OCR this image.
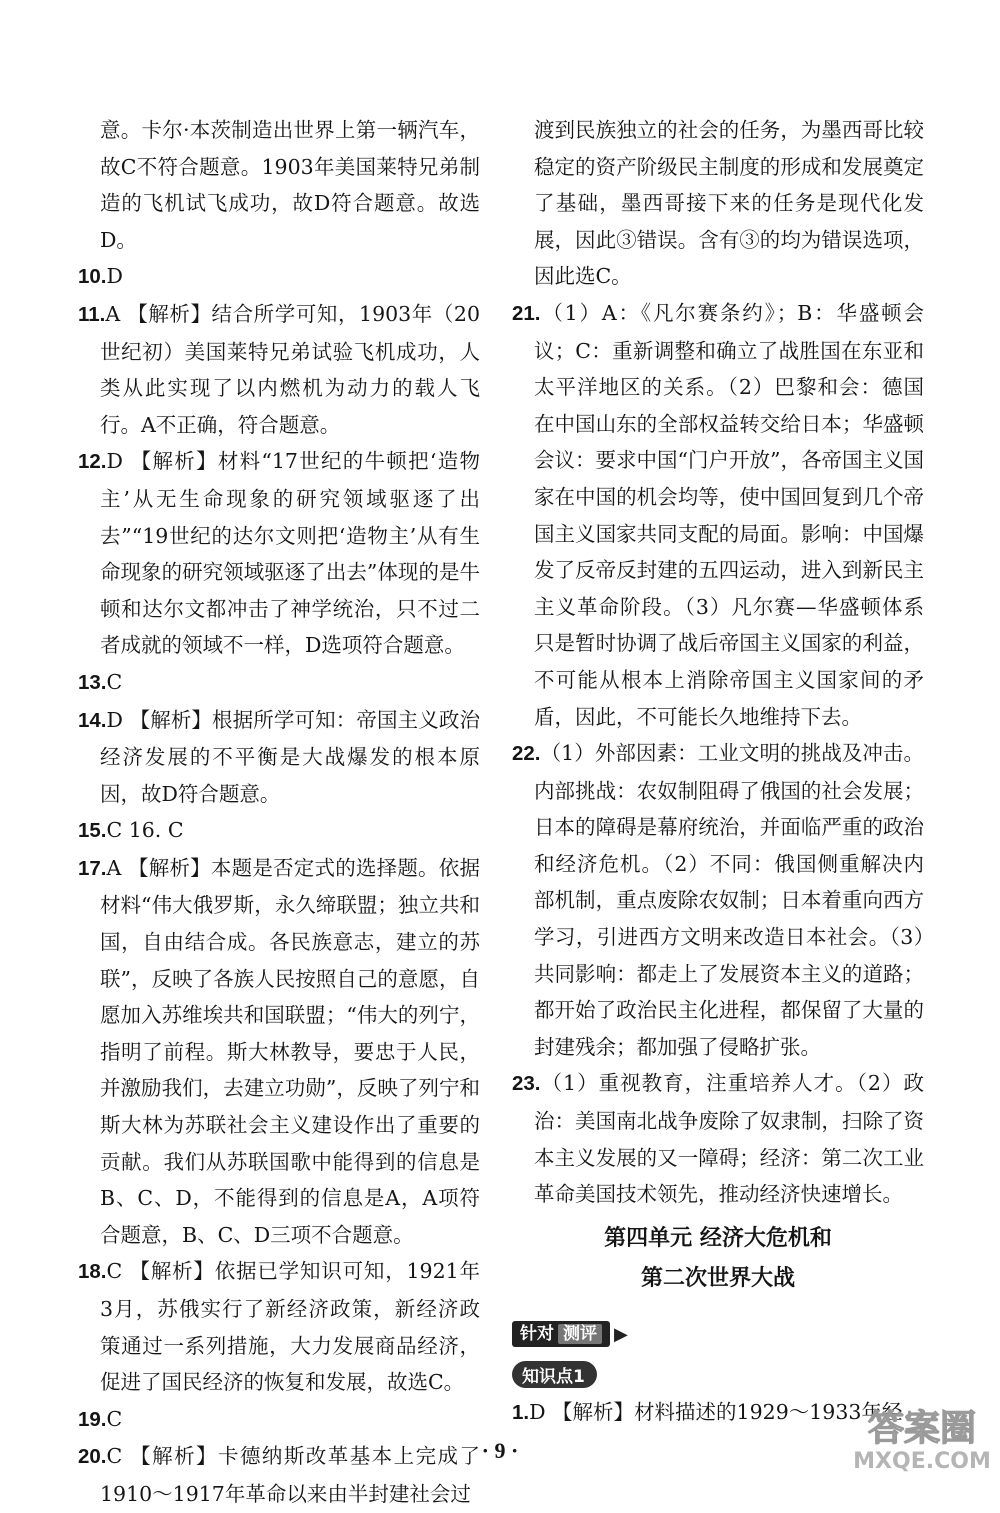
意。卡尔·本茨制造出世界上第一辆汽车，故C不符合题意。1903年美国莱特兄弟制造的飞机试飞成功，故D符合题意。故选D。

10.D

11.A 【解析】结合所学可知，1903年（20世纪初）美国莱特兄弟试验飞机成功，人类从此实现了以内燃机为动力的载人飞行。A不正确，符合题意。

12.D 【解析】材料“17世纪的牛顿把‘造物主’从无生命现象的研究领域驱逐了出去”“19世纪的达尔文则把‘造物主’从有生命现象的研究领域驱逐了出去”体现的是牛顿和达尔文都冲击了神学统治，只不过二者成就的领域不一样，D选项符合题意。

13.C

14.D 【解析】根据所学可知：帝国主义政治经济发展的不平衡是大战爆发的根本原因，故D符合题意。

15.C 16. C

17.A 【解析】本题是否定式的选择题。依据材料“伟大俄罗斯，永久缔联盟；独立共和国，自由结合成。各民族意志，建立的苏联”，反映了各族人民按照自己的意愿，自愿加入苏维埃共和国联盟；“伟大的列宁，指明了前程。斯大林教导，要忠于人民，并激励我们，去建立功勋”，反映了列宁和斯大林为苏联社会主义建设作出了重要的贡献。我们从苏联国歌中能得到的信息是B、C、D，不能得到的信息是A，A项符合题意，B、C、D三项不合题意。

18.C 【解析】依据已学知识可知，1921年3月，苏俄实行了新经济政策，新经济政策通过一系列措施，大力发展商品经济，促进了国民经济的恢复和发展，故选C。

19.C

20.C 【解析】卡德纳斯改革基本上完成了1910～1917年革命以来由半封建社会过

渡到民族独立的社会的任务，为墨西哥比较稳定的资产阶级民主制度的形成和发展奠定了基础，墨西哥接下来的任务是现代化发展，因此③错误。含有③的均为错误选项，因此选C。

21.（1）A：《凡尔赛条约》；B：华盛顿会议；C：重新调整和确立了战胜国在东亚和太平洋地区的关系。（2）巴黎和会：德国在中国山东的全部权益转交给日本；华盛顿会议：要求中国“门户开放”，各帝国主义国家在中国的机会均等，使中国回复到几个帝国主义国家共同支配的局面。影响：中国爆发了反帝反封建的五四运动，进入到新民主主义革命阶段。（3）凡尔赛—华盛顿体系只是暂时协调了战后帝国主义国家的利益，不可能从根本上消除帝国主义国家间的矛盾，因此，不可能长久地维持下去。

22.（1）外部因素：工业文明的挑战及冲击。内部挑战：农奴制阻碍了俄国的社会发展；日本的障碍是幕府统治，并面临严重的政治和经济危机。（2）不同：俄国侧重解决内部机制，重点废除农奴制；日本着重向西方学习，引进西方文明来改造日本社会。（3）共同影响：都走上了发展资本主义的道路；都开始了政治民主化进程，都保留了大量的封建残余；都加强了侵略扩张。

23.（1）重视教育，注重培养人才。（2）政治：美国南北战争废除了奴隶制，扫除了资本主义发展的又一障碍；经济：第二次工业革命美国技术领先，推动经济快速增长。

第四单元 经济大危机和
第二次世界大战
针对 测评 ▶
知识点1

1.D 【解析】材料描述的1929～1933年经

· 9 ·
答案圈
MXQE.COM
